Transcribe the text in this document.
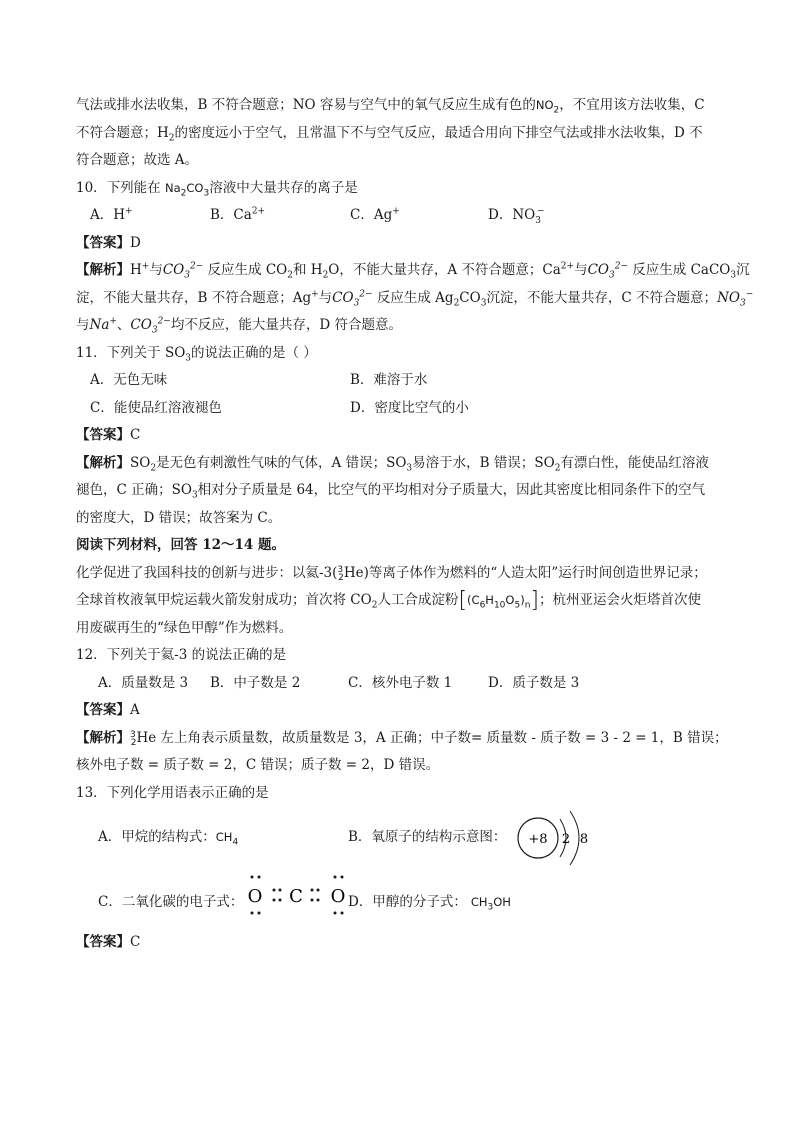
气法或排水法收集，B 不符合题意；NO 容易与空气中的氧气反应生成有色的$NO_2$，不宜用该方法收集，C
不符合题意；$H_2$的密度远小于空气，且常温下不与空气反应，最适合用向下排空气法或排水法收集，D 不
符合题意；故选 A。
10．下列能在 $Na_2CO_3$溶液中大量共存的离子是
A．H+	B．$Ca^{2+}$	C．Ag+	D．$NO_3^-$
【答案】D
【解析】H+与$CO_3^{2-}$ 反应生成 $CO_2$和 $H_2O$，不能大量共存，A 不符合题意；$Ca^{2+}$与$CO_3^{2-}$ 反应生成 CaCO$_3$沉
淀，不能大量共存，B 不符合题意；Ag+与$CO_3^{2-}$ 反应生成 $Ag_2CO_3$沉淀，不能大量共存，C 不符合题意；$NO_3^-$
与Na+、$CO_3^{2-}$均不反应，能大量共存，D 符合题意。
11．下列关于 $SO_3$的说法正确的是（ ）
A．无色无味	B．难溶于水
C．能使品红溶液褪色	D．密度比空气的小
【答案】C
【解析】$SO_2$是无色有刺激性气味的气体，A 错误；$SO_3$易溶于水，B 错误；$SO_2$有漂白性，能使品红溶液
褪色，C 正确；$SO_3$相对分子质量是 64，比空气的平均相对分子质量大，因此其密度比相同条件下的空气
的密度大，D 错误；故答案为 C。
阅读下列材料，回答 12～14 题。
化学促进了我国科技的创新与进步：以氦-3($^3_2$He)等离子体作为燃料的“人造太阳”运行时间创造世界记录；
全球首枚液氧甲烷运载火箭发射成功；首次将 $CO_2$人工合成淀粉$[(C_6H_{10}O_5)_n]$；杭州亚运会火炬塔首次使
用废碳再生的“绿色甲醇”作为燃料。
12．下列关于氦-3 的说法正确的是
A．质量数是 3 B．中子数是 2	C．核外电子数 1	D．质子数是 3
【答案】A
【解析】$^3_2$He 左上角表示质量数，故质量数是 3，A 正确；中子数= 质量数 - 质子数 = 3 - 2 = 1，B 错误；
核外电子数 = 质子数 = 2，C 错误；质子数 = 2，D 错误。
13．下列化学用语表示正确的是
A．甲烷的结构式：$CH_4$	B．氧原子的结构示意图： +8 2 8
C．二氧化碳的电子式： O C O D．甲醇的分子式： $CH_3OH$
【答案】C
